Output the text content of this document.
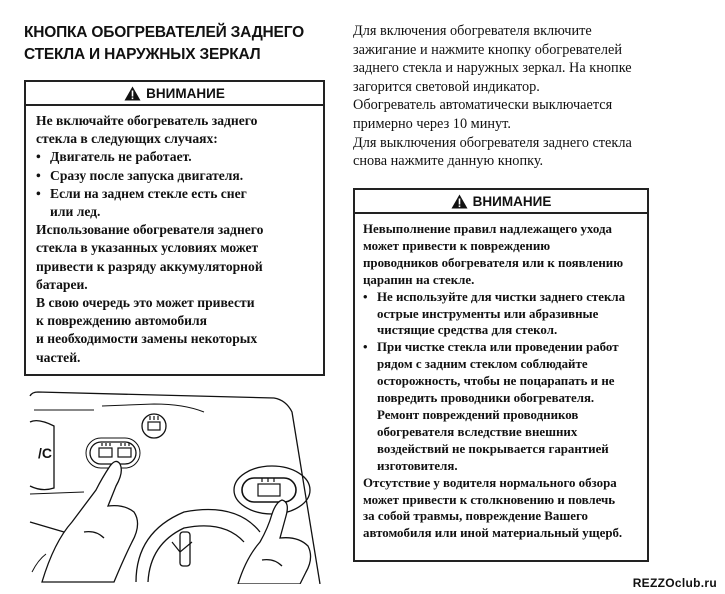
КНОПКА ОБОГРЕВАТЕЛЕЙ ЗАДНЕГО
СТЕКЛА И НАРУЖНЫХ ЗЕРКАЛ
ВНИМАНИЕ
Не включайте обогреватель заднего
стекла в следующих случаях:
• Двигатель не работает.
• Сразу после запуска двигателя.
• Если на заднем стекле есть снег
или лед.
Использование обогревателя заднего
стекла в указанных условиях может
привести к разряду аккумуляторной
батареи.
В свою очередь это может привести
к повреждению автомобиля
и необходимости замены некоторых
частей.
/C
Для включения обогревателя включите
зажигание и нажмите кнопку обогревателей
заднего стекла и наружных зеркал. На кнопке
загорится световой индикатор.
Обогреватель автоматически выключается
примерно через 10 минут.
Для выключения обогревателя заднего стекла
снова нажмите данную кнопку.
ВНИМАНИЕ
Невыполнение правил надлежащего ухода
может привести к повреждению
проводников обогревателя или к появлению
царапин на стекле.
• Не используйте для чистки заднего стекла
острые инструменты или абразивные
чистящие средства для стекол.
• При чистке стекла или проведении работ
рядом с задним стеклом соблюдайте
осторожность, чтобы не поцарапать и не
повредить проводники обогревателя.
Ремонт повреждений проводников
обогревателя вследствие внешних
воздействий не покрывается гарантией
изготовителя.
Отсутствие у водителя нормального обзора
может привести к столкновению и повлечь
за собой травмы, повреждение Вашего
автомобиля или иной материальный ущерб.
REZZOclub.ru
